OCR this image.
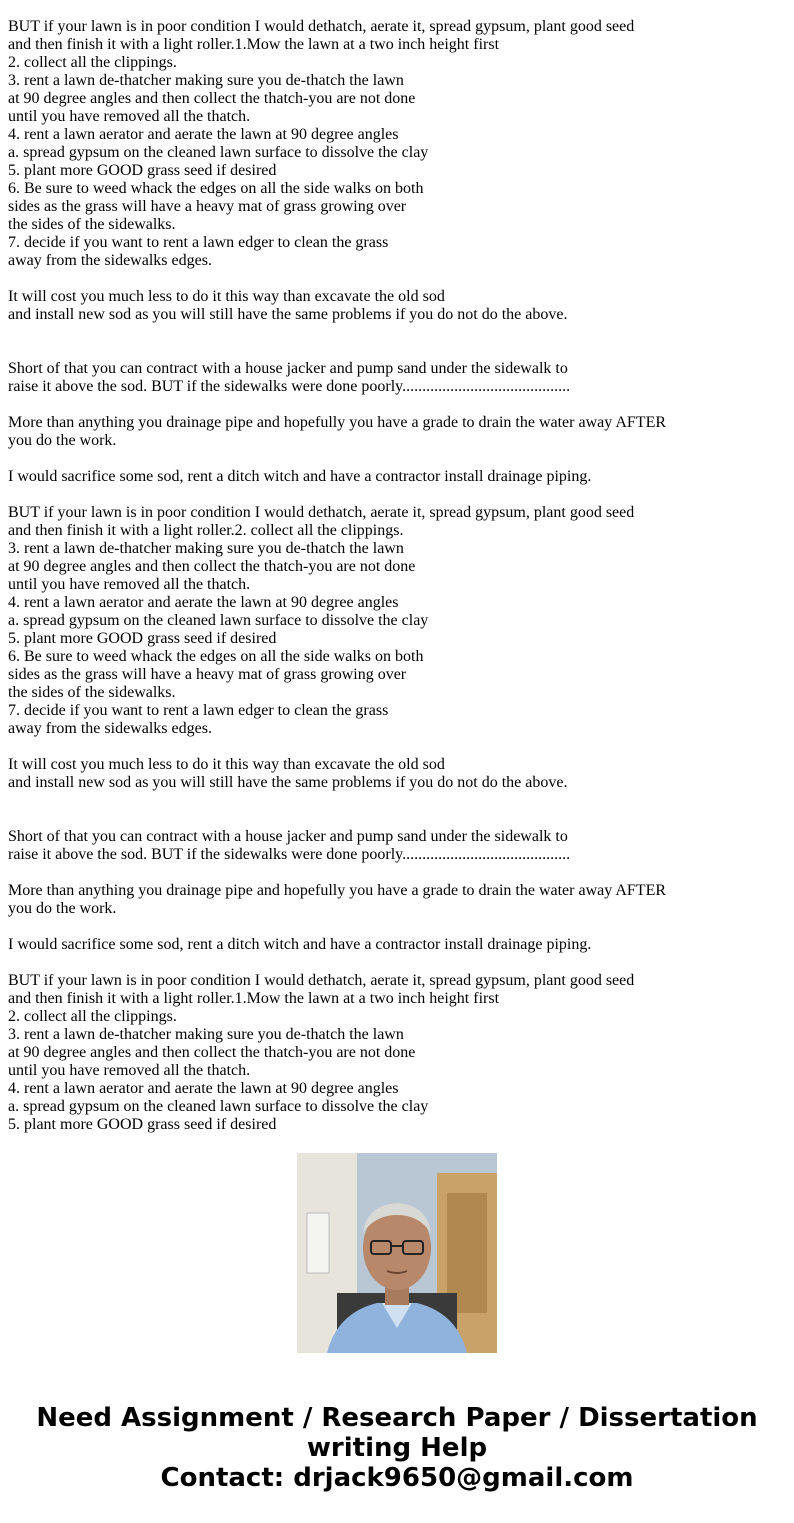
BUT if your lawn is in poor condition I would dethatch, aerate it, spread gypsum, plant good seed
and then finish it with a light roller.1.Mow the lawn at a two inch height first
2. collect all the clippings.
3. rent a lawn de-thatcher making sure you de-thatch the lawn
at 90 degree angles and then collect the thatch-you are not done
until you have removed all the thatch.
4. rent a lawn aerator and aerate the lawn at 90 degree angles
a. spread gypsum on the cleaned lawn surface to dissolve the clay
5. plant more GOOD grass seed if desired
6. Be sure to weed whack the edges on all the side walks on both
sides as the grass will have a heavy mat of grass growing over
the sides of the sidewalks.
7. decide if you want to rent a lawn edger to clean the grass
away from the sidewalks edges.
It will cost you much less to do it this way than excavate the old sod
and install new sod as you will still have the same problems if you do not do the above.
Short of that you can contract with a house jacker and pump sand under the sidewalk to
raise it above the sod. BUT if the sidewalks were done poorly..........................................
More than anything you drainage pipe and hopefully you have a grade to drain the water away AFTER
you do the work.
I would sacrifice some sod, rent a ditch witch and have a contractor install drainage piping.
BUT if your lawn is in poor condition I would dethatch, aerate it, spread gypsum, plant good seed
and then finish it with a light roller.2. collect all the clippings.
3. rent a lawn de-thatcher making sure you de-thatch the lawn
at 90 degree angles and then collect the thatch-you are not done
until you have removed all the thatch.
4. rent a lawn aerator and aerate the lawn at 90 degree angles
a. spread gypsum on the cleaned lawn surface to dissolve the clay
5. plant more GOOD grass seed if desired
6. Be sure to weed whack the edges on all the side walks on both
sides as the grass will have a heavy mat of grass growing over
the sides of the sidewalks.
7. decide if you want to rent a lawn edger to clean the grass
away from the sidewalks edges.
It will cost you much less to do it this way than excavate the old sod
and install new sod as you will still have the same problems if you do not do the above.
Short of that you can contract with a house jacker and pump sand under the sidewalk to
raise it above the sod. BUT if the sidewalks were done poorly..........................................
More than anything you drainage pipe and hopefully you have a grade to drain the water away AFTER
you do the work.
I would sacrifice some sod, rent a ditch witch and have a contractor install drainage piping.
BUT if your lawn is in poor condition I would dethatch, aerate it, spread gypsum, plant good seed
and then finish it with a light roller.1.Mow the lawn at a two inch height first
2. collect all the clippings.
3. rent a lawn de-thatcher making sure you de-thatch the lawn
at 90 degree angles and then collect the thatch-you are not done
until you have removed all the thatch.
4. rent a lawn aerator and aerate the lawn at 90 degree angles
a. spread gypsum on the cleaned lawn surface to dissolve the clay
5. plant more GOOD grass seed if desired
Need Assignment / Research Paper / Dissertation
writing Help
Contact: drjack9650@gmail.com
